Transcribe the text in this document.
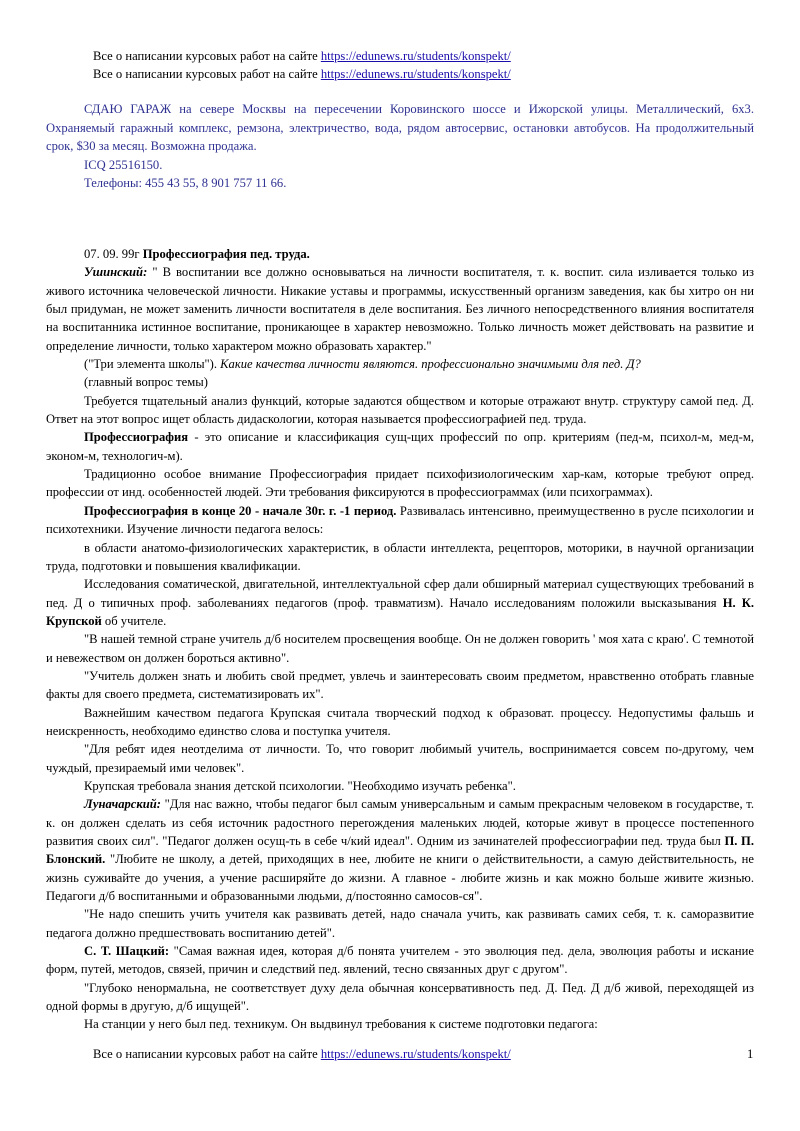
Все о написании курсовых работ на сайте https://edunews.ru/students/konspekt/
Все о написании курсовых работ на сайте https://edunews.ru/students/konspekt/

СДАЮ ГАРАЖ на севере Москвы на пересечении Коровинского шоссе и Ижорской улицы. Металлический, 6х3. Охраняемый гаражный комплекс, ремзона, электричество, вода, рядом автосервис, остановки автобусов. На продолжительный срок, $30 за месяц. Возможна продажа.

ICQ 25516150.

Телефоны: 455 43 55, 8 901 757 11 66.

07. 09. 99г Профессиография пед. труда.

Ушинский: " В воспитании все должно основываться на личности воспитателя, т. к. воспит. сила изливается только из живого источника человеческой личности. Никакие уставы и программы, искусственный организм заведения, как бы хитро он ни был придуман, не может заменить личности воспитателя в деле воспитания. Без личного непосредственного влияния воспитателя на воспитанника истинное воспитание, проникающее в характер невозможно. Только личность может действовать на развитие и определение личности, только характером можно образовать характер."

("Три элемента школы"). Какие качества личности являются. профессионально значимыми для пед. Д?

(главный вопрос темы)

Требуется тщательный анализ функций, которые задаются обществом и которые отражают внутр. структуру самой пед. Д. Ответ на этот вопрос ищет область дидаскологии, которая называется профессиографией пед. труда.

Профессиография - это описание и классификация сущ-щих профессий по опр. критериям (пед-м, психол-м, мед-м, эконом-м, технологич-м).

Традиционно особое внимание Профессиография придает психофизиологическим хар-кам, которые требуют опред. профессии от инд. особенностей людей. Эти требования фиксируются в профессиограммах (или психограммах).

Профессиография в конце 20 - начале 30г. г. -1 период. Развивалась интенсивно, преимущественно в русле психологии и психотехники. Изучение личности педагога велось:

в области анатомо-физиологических характеристик, в области интеллекта, рецепторов, моторики, в научной организации труда, подготовки и повышения квалификации.

Исследования соматической, двигательной, интеллектуальной сфер дали обширный материал существующих требований в пед. Д о типичных проф. заболеваниях педагогов (проф. травматизм). Начало исследованиям положили высказывания Н. К. Крупской об учителе.

"В нашей темной стране учитель д/б носителем просвещения вообще. Он не должен говорить ' моя хата с краю'. С темнотой и невежеством он должен бороться активно".

"Учитель должен знать и любить свой предмет, увлечь и заинтересовать своим предметом, нравственно отобрать главные факты для своего предмета, систематизировать их".

Важнейшим качеством педагога Крупская считала творческий подход к образоват. процессу. Недопустимы фальшь и неискренность, необходимо единство слова и поступка учителя.

"Для ребят идея неотделима от личности. То, что говорит любимый учитель, воспринимается совсем по-другому, чем чуждый, презираемый ими человек".

Крупская требовала знания детской психологии. "Необходимо изучать ребенка".

Луначарский: "Для нас важно, чтобы педагог был самым универсальным и самым прекрасным человеком в государстве, т. к. он должен сделать из себя источник радостного переrождения маленьких людей, которые живут в процессе постепенного развития своих сил". "Педагог должен осущ-ть в себе ч/кий идеал". Одним из зачинателей профессиографии пед. труда был П. П. Блонский. "Любите не школу, а детей, приходящих в нее, любите не книги о действительности, а самую действительность, не жизнь суживайте до учения, а учение расширяйте до жизни. А главное - любите жизнь и как можно больше живите жизнью. Педагоги д/б воспитанными и образованными людьми, д/постоянно самосов-ся".

"Не надо спешить учить учителя как развивать детей, надо сначала учить, как развивать самих себя, т. к. саморазвитие педагога должно предшествовать воспитанию детей".

С. Т. Шацкий: "Самая важная идея, которая д/б понята учителем - это эволюция пед. дела, эволюция работы и искание форм, путей, методов, связей, причин и следствий пед. явлений, тесно связанных друг с другом".

"Глубоко ненормальна, не соответствует духу дела обычная консервативность пед. Д. Пед. Д д/б живой, переходящей из одной формы в другую, д/б ищущей".

На станции у него был пед. техникум. Он выдвинул требования к системе подготовки педагога:

Все о написании курсовых работ на сайте https://edunews.ru/students/konspekt/	1
